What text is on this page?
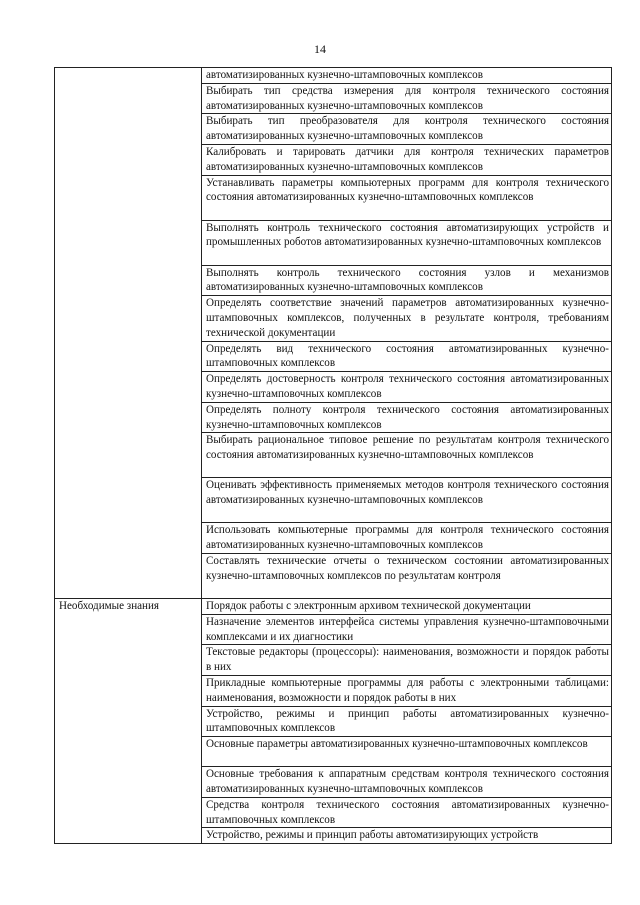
14
	автоматизированных кузнечно-штамповочных комплексов
	Выбирать тип средства измерения для контроля технического состояния автоматизированных кузнечно-штамповочных комплексов
	Выбирать тип преобразователя для контроля технического состояния автоматизированных кузнечно-штамповочных комплексов
	Калибровать и тарировать датчики для контроля технических параметров автоматизированных кузнечно-штамповочных комплексов
	Устанавливать параметры компьютерных программ для контроля технического состояния автоматизированных кузнечно-штамповочных комплексов
	Выполнять контроль технического состояния автоматизирующих устройств и промышленных роботов автоматизированных кузнечно-штамповочных комплексов
	Выполнять контроль технического состояния узлов и механизмов автоматизированных кузнечно-штамповочных комплексов
	Определять соответствие значений параметров автоматизированных кузнечно-штамповочных комплексов, полученных в результате контроля, требованиям технической документации
	Определять вид технического состояния автоматизированных кузнечно-штамповочных комплексов
	Определять достоверность контроля технического состояния автоматизированных кузнечно-штамповочных комплексов
	Определять полноту контроля технического состояния автоматизированных кузнечно-штамповочных комплексов
	Выбирать рациональное типовое решение по результатам контроля технического состояния автоматизированных кузнечно-штамповочных комплексов
	Оценивать эффективность применяемых методов контроля технического состояния автоматизированных кузнечно-штамповочных комплексов
	Использовать компьютерные программы для контроля технического состояния автоматизированных кузнечно-штамповочных комплексов
	Составлять технические отчеты о техническом состоянии автоматизированных кузнечно-штамповочных комплексов по результатам контроля
Необходимые знания	Порядок работы с электронным архивом технической документации
	Назначение элементов интерфейса системы управления кузнечно-штамповочными комплексами и их диагностики
	Текстовые редакторы (процессоры): наименования, возможности и порядок работы в них
	Прикладные компьютерные программы для работы с электронными таблицами: наименования, возможности и порядок работы в них
	Устройство, режимы и принцип работы автоматизированных кузнечно-штамповочных комплексов
	Основные параметры автоматизированных кузнечно-штамповочных комплексов
	Основные требования к аппаратным средствам контроля технического состояния автоматизированных кузнечно-штамповочных комплексов
	Средства контроля технического состояния автоматизированных кузнечно-штамповочных комплексов
	Устройство, режимы и принцип работы автоматизирующих устройств
